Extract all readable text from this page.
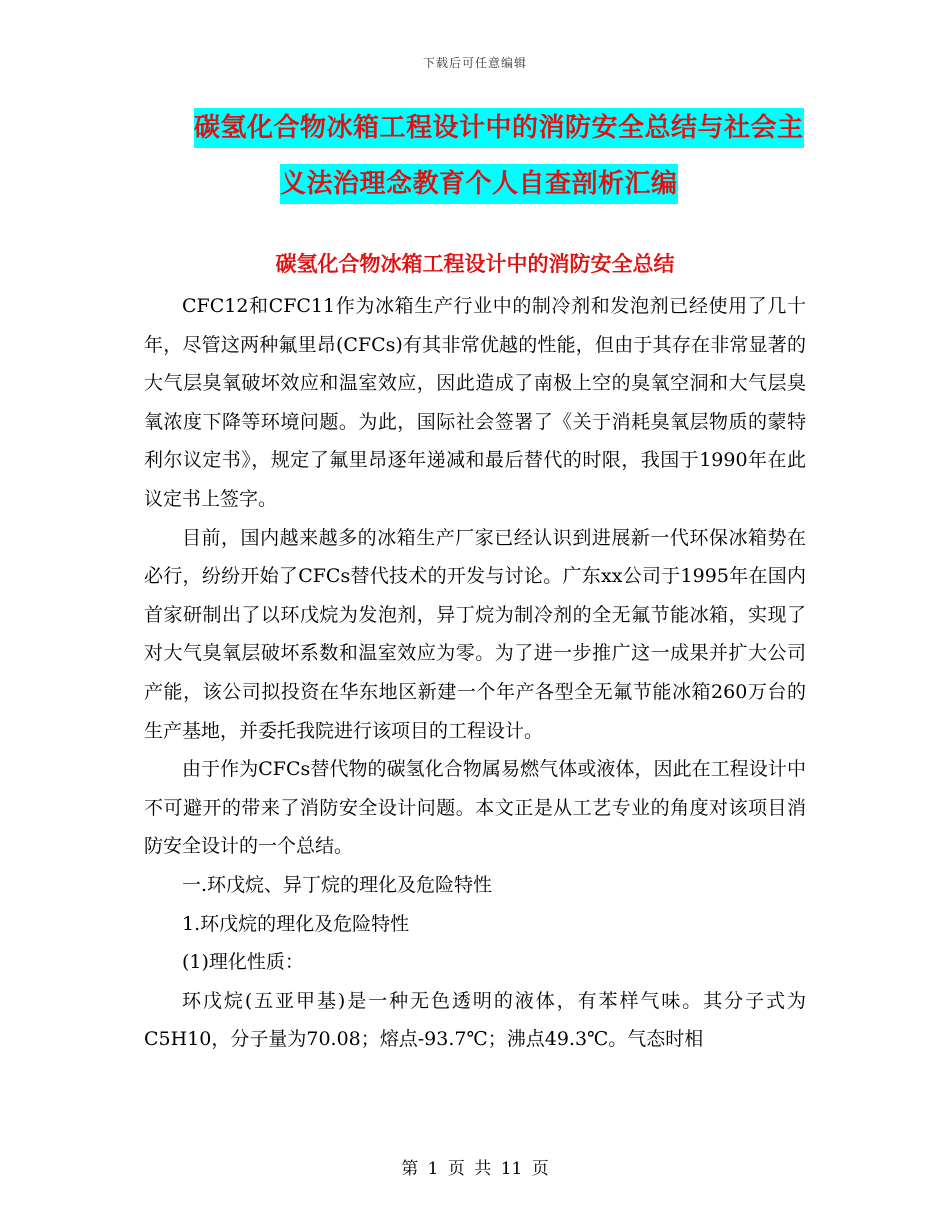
下载后可任意编辑
碳氢化合物冰箱工程设计中的消防安全总结与社会主
义法治理念教育个人自查剖析汇编
碳氢化合物冰箱工程设计中的消防安全总结

CFC12和CFC11作为冰箱生产行业中的制冷剂和发泡剂已经使用了几十年，尽管这两种氟里昂(CFCs)有其非常优越的性能，但由于其存在非常显著的大气层臭氧破坏效应和温室效应，因此造成了南极上空的臭氧空洞和大气层臭氧浓度下降等环境问题。为此，国际社会签署了《关于消耗臭氧层物质的蒙特利尔议定书》，规定了氟里昂逐年递减和最后替代的时限，我国于1990年在此议定书上签字。

目前，国内越来越多的冰箱生产厂家已经认识到进展新一代环保冰箱势在必行，纷纷开始了CFCs替代技术的开发与讨论。广东xx公司于1995年在国内首家研制出了以环戊烷为发泡剂，异丁烷为制冷剂的全无氟节能冰箱，实现了对大气臭氧层破坏系数和温室效应为零。为了进一步推广这一成果并扩大公司产能，该公司拟投资在华东地区新建一个年产各型全无氟节能冰箱260万台的生产基地，并委托我院进行该项目的工程设计。

由于作为CFCs替代物的碳氢化合物属易燃气体或液体，因此在工程设计中不可避开的带来了消防安全设计问题。本文正是从工艺专业的角度对该项目消防安全设计的一个总结。

一.环戊烷、异丁烷的理化及危险特性

1.环戊烷的理化及危险特性

(1)理化性质：

环戊烷(五亚甲基)是一种无色透明的液体，有苯样气味。其分子式为C5H10，分子量为70.08；熔点-93.7℃；沸点49.3℃。气态时相

第 1 页 共 11 页
